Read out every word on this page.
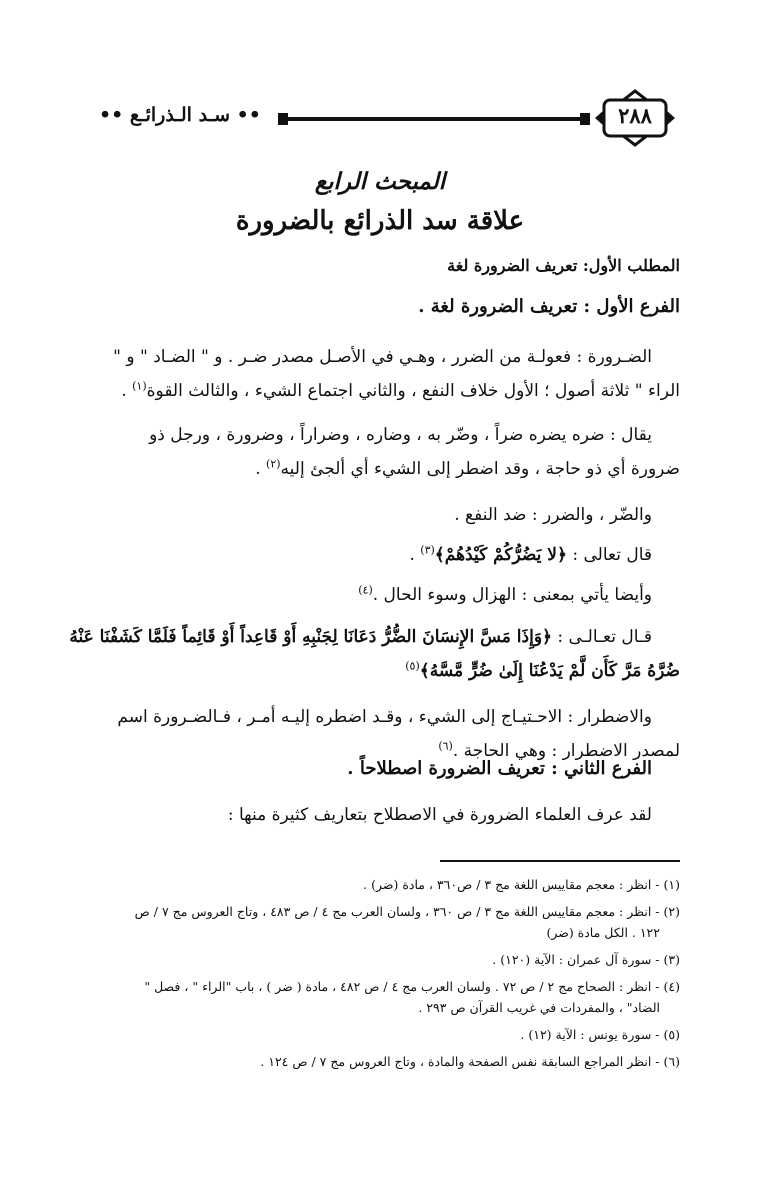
٢٨٨
•• سـد الـذرائـع ••
المبحث الرابع
علاقة سد الذرائع بالضرورة
المطلب الأول: تعريف الضرورة لغة
الفرع الأول : تعريف الضرورة لغة .
الضـرورة : فعولـة من الضرر ، وهـي في الأصـل مصدر ضـر . و " الضـاد " و "
الراء " ثلاثة أصول ؛ الأول خلاف النفع ، والثاني اجتماع الشيء ، والثالث القوة$^{(١)}$ .
يقال : ضره يضره ضراً ، وضّر به ، وضاره ، وضراراً ، وضرورة ، ورجل ذو
ضرورة أي ذو حاجة ، وقد اضطر إلى الشيء أي ألجئ إليه$^{(٢)}$ .
والضّر ، والضرر : ضد النفع .
قال تعالى : ﴿لا يَضُرُّكُمْ كَيْدُهُمْ﴾$^{(٣)}$ .
وأيضا يأتي بمعنى : الهزال وسوء الحال .$^{(٤)}$
قـال تعـالـى : ﴿وَإِذَا مَسَّ الإِنسَانَ الضُّرُّ دَعَانَا لِجَنْبِهِ أَوْ قَاعِداً أَوْ قَائِماً فَلَمَّا كَشَفْنَا عَنْهُ
ضُرَّهُ مَرَّ كَأَن لَّمْ يَدْعُنَا إِلَىٰ ضُرٍّ مَّسَّهُ﴾$^{(٥)}$
والاضطرار : الاحـتيـاج إلى الشيء ، وقـد اضطره إليـه أمـر ، فـالضـرورة اسم
لمصدر الاضطرار : وهي الحاجة .$^{(٦)}$
الفرع الثاني : تعريف الضرورة اصطلاحاً .
لقد عرف العلماء الضرورة في الاصطلاح بتعاريف كثيرة منها :
(١) - انظر : معجم مقاييس اللغة مج ٣ / ص٣٦٠ ، مادة (ضر) .
(٢) - انظر : معجم مقاييس اللغة مج ٣ / ص ٣٦٠ ، ولسان العرب مج ٤ / ص ٤٨٣ ، وتاج العروس مج ٧ / ص
١٢٢ . الكل مادة (ضر)
(٣) - سورة آل عمران : الآية (١٢٠) .
(٤) - انظر : الصحاح مج ٢ / ص ٧٢ . ولسان العرب مج ٤ / ص ٤٨٢ ، مادة ( ضر ) ، باب "الراء " ، فصل "
الضاد" ، والمفردات في غريب القرآن ص ٢٩٣ .
(٥) - سورة يونس : الآية (١٢) .
(٦) - انظر المراجع السابقة نفس الصفحة والمادة ، وتاج العروس مج ٧ / ص ١٢٤ .
